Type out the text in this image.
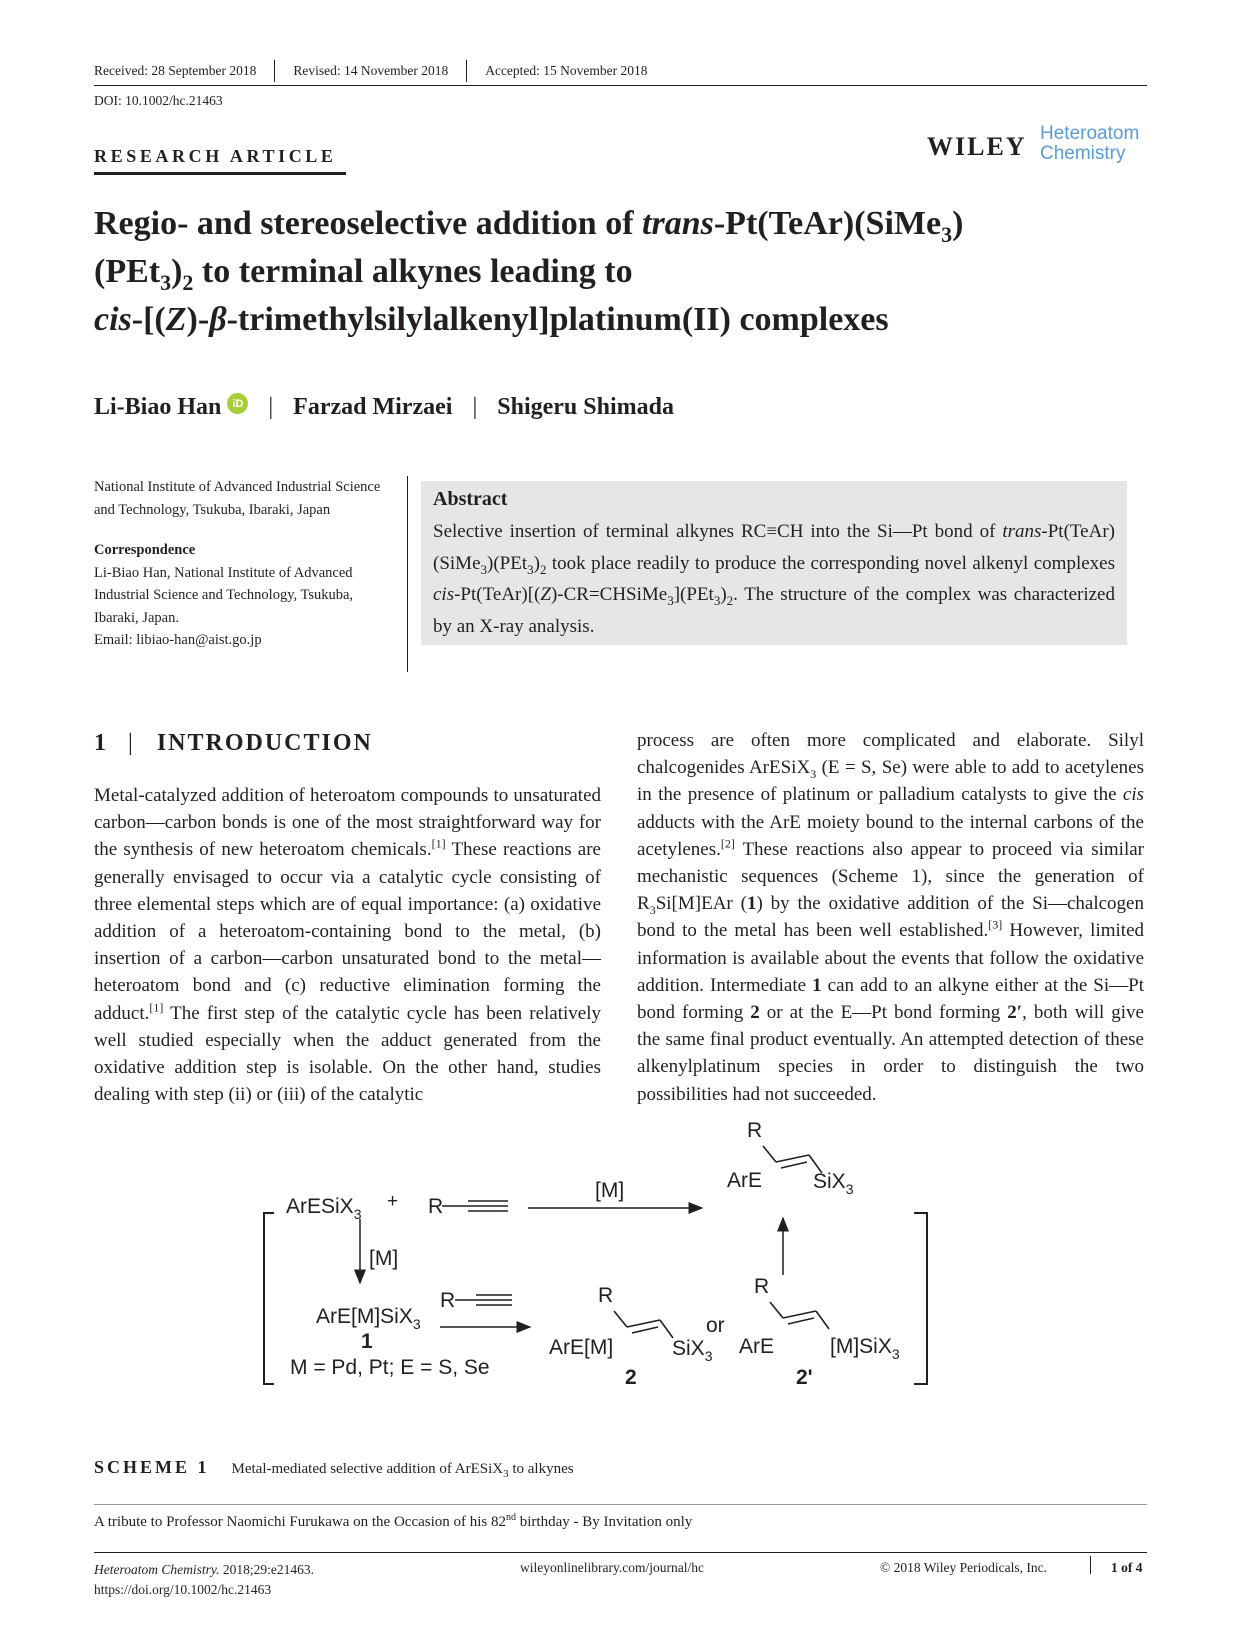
Received: 28 September 2018	Revised: 14 November 2018	Accepted: 15 November 2018
DOI: 10.1002/hc.21463
RESEARCH ARTICLE	WILEY Heteroatom
Chemistry
Regio- and stereoselective addition of trans-Pt(TeAr)(SiMe$_3$)
$(PEt_3)_2$ to terminal alkynes leading to
cis-[(Z)-β-trimethylsilylalkenyl]platinum(II) complexes
Li-Biao Han	iD | Farzad Mirzaei | Shigeru Shimada
National Institute of Advanced Industrial Science and Technology, Tsukuba, Ibaraki, Japan
Correspondence
Li-Biao Han, National Institute of Advanced Industrial Science and Technology, Tsukuba, Ibaraki, Japan.
Email: libiao-han@aist.go.jp
Abstract
Selective insertion of terminal alkynes RC≡CH into the Si—Pt bond of trans-$Pt(TeAr)(SiMe_3)(PEt_3)_2$ took place readily to produce the corresponding novel alkenyl complexes cis-$Pt(TeAr)[(Z)-CR=CHSiMe_3](PEt_3)_2$. The structure of the complex was characterized by an X-ray analysis.
1 | INTRODUCTION
Metal-catalyzed addition of heteroatom compounds to unsaturated carbon—carbon bonds is one of the most straightforward way for the synthesis of new heteroatom chemicals.[1] These reactions are generally envisaged to occur via a catalytic cycle consisting of three elemental steps which are of equal importance: (a) oxidative addition of a heteroatom-containing bond to the metal, (b) insertion of a carbon—carbon unsaturated bond to the metal—heteroatom bond and (c) reductive elimination forming the adduct.[1] The first step of the catalytic cycle has been relatively well studied especially when the adduct generated from the oxidative addition step is isolable. On the other hand, studies dealing with step (ii) or (iii) of the catalytic
process are often more complicated and elaborate. Silyl chalcogenides ArESiX$_3$ (E = S, Se) were able to add to acetylenes in the presence of platinum or palladium catalysts to give the cis adducts with the ArE moiety bound to the internal carbons of the acetylenes.[2] These reactions also appear to proceed via similar mechanistic sequences (Scheme 1), since the generation of $R_3Si[M]EAr$ (1) by the oxidative addition of the Si—chalcogen bond to the metal has been well established.[3] However, limited information is available about the events that follow the oxidative addition. Intermediate 1 can add to an alkyne either at the Si—Pt bond forming 2 or at the E—Pt bond forming 2′, both will give the same final product eventually. An attempted detection of these alkenylplatinum species in order to distinguish the two possibilities had not succeeded.
ArESiX$_3$
+ R
[M]
R
ArE SiX$_3$
[M]
ArE[M]SiX$_3$
1
M = Pd, Pt; E = S, Se
R	R
ArE[M]	SiX$_3$
2
or
R
ArE	[M]SiX$_3$
2'
SCHEME 1 Metal-mediated selective addition of ArESiX$_3$ to alkynes
A tribute to Professor Naomichi Furukawa on the Occasion of his 82nd birthday - By Invitation only
Heteroatom Chemistry. 2018;29:e21463.
https://doi.org/10.1002/hc.21463
wileyonlinelibrary.com/journal/hc	© 2018 Wiley Periodicals, Inc.	1 of 4
